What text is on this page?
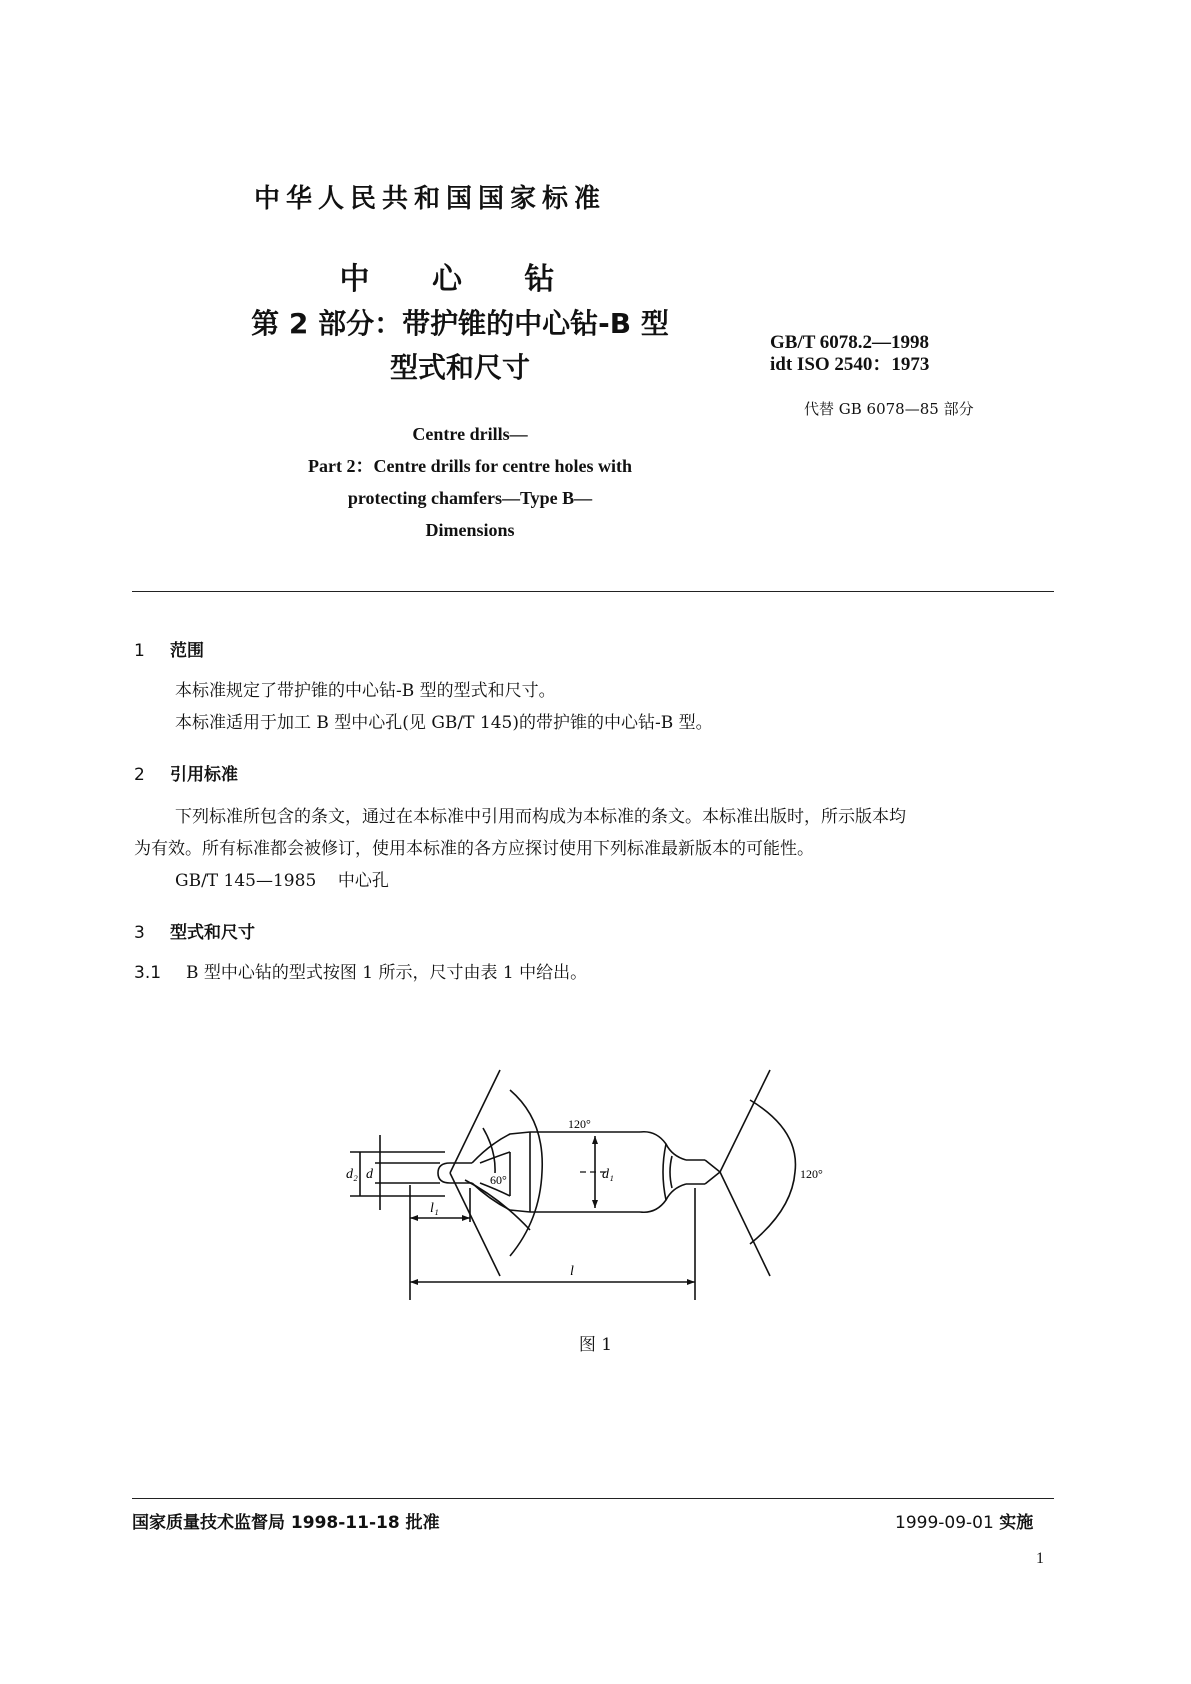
中华人民共和国国家标准
中 心 钻
第 2 部分：带护锥的中心钻-B 型
型式和尺寸
GB/T 6078.2—1998
idt ISO 2540：1973
代替 GB 6078—85 部分
Centre drills—
Part 2：Centre drills for centre holes with
protecting chamfers—Type B—
Dimensions
1 范围
本标准规定了带护锥的中心钻-B 型的型式和尺寸。
本标准适用于加工 B 型中心孔(见 GB/T 145)的带护锥的中心钻-B 型。
2 引用标准
下列标准所包含的条文，通过在本标准中引用而构成为本标准的条文。本标准出版时，所示版本均
为有效。所有标准都会被修订，使用本标准的各方应探讨使用下列标准最新版本的可能性。
GB/T 145—1985    中心孔
3 型式和尺寸
3.1 B 型中心钻的型式按图 1 所示，尺寸由表 1 中给出。
120°
60°	120°
d₂ d	d₁
l₁
l
图 1
国家质量技术监督局 1998-11-18 批准	1999-09-01 实施
1
